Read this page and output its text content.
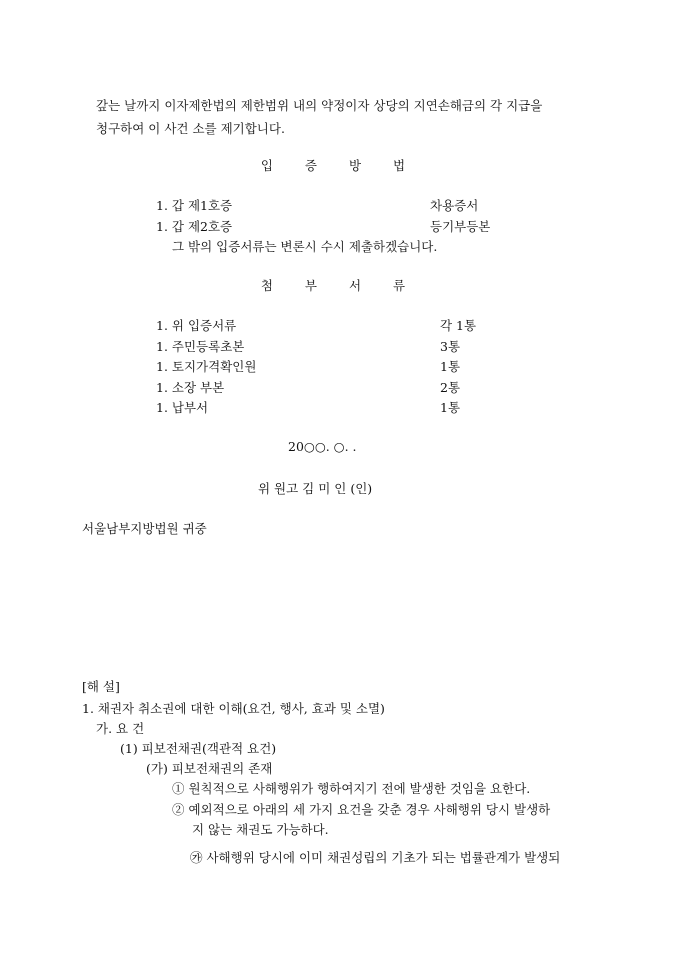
갚는 날까지 이자제한법의 제한범위 내의 약정이자 상당의 지연손해금의 각 지급을
청구하여 이 사건 소를 제기합니다.
입 증 방 법
1. 갑 제1호증	차용증서
1. 갑 제2호증	등기부등본
그 밖의 입증서류는 변론시 수시 제출하겠습니다.
첨 부 서 류
1. 위 입증서류	각 1통
1. 주민등록초본	3통
1. 토지가격확인원	1통
1. 소장 부본	2통
1. 납부서	1통
20○○. ○. .
위 원고 김 미 인 (인)
서울남부지방법원 귀중
[해 설]
1. 채권자 취소권에 대한 이해(요건, 행사, 효과 및 소멸)
가. 요 건
(1) 피보전채권(객관적 요건)
(가) 피보전채권의 존재
① 원칙적으로 사해행위가 행하여지기 전에 발생한 것임을 요한다.
② 예외적으로 아래의 세 가지 요건을 갖춘 경우 사해행위 당시 발생하
지 않는 채권도 가능하다.
㉮ 사해행위 당시에 이미 채권성립의 기초가 되는 법률관계가 발생되
